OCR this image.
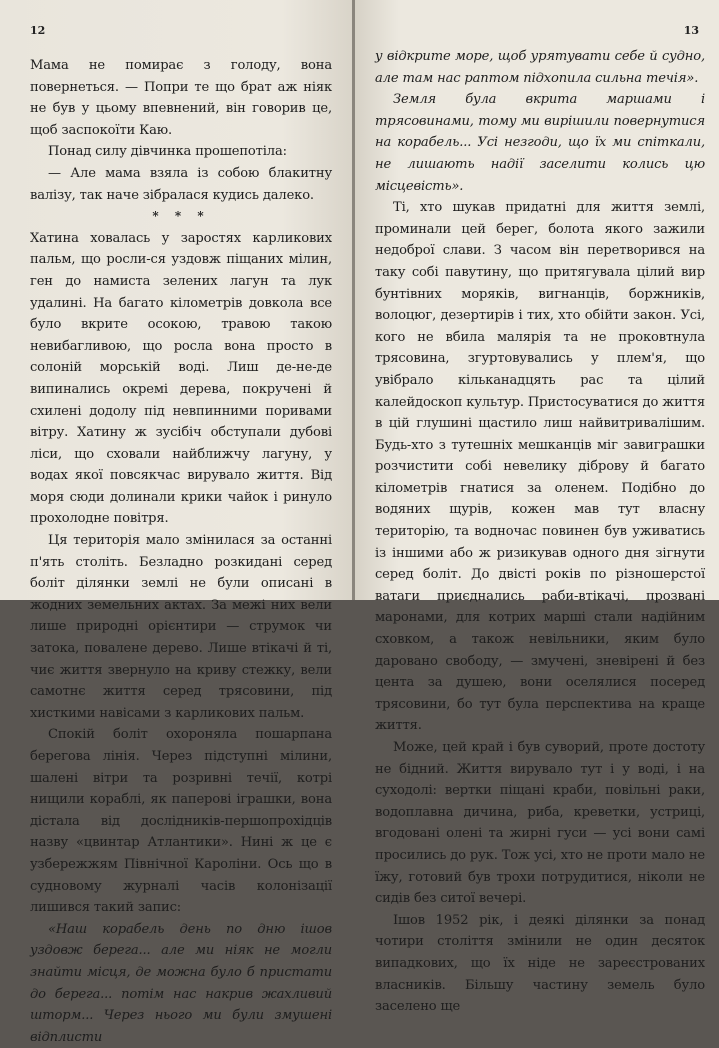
12

Мама не помирає з голоду, вона повернеться. — Попри те що брат аж ніяк не був у цьому впевнений, він говорив це, щоб заспокоїти Каю.

Понад силу дівчинка прошепотіла:

— Але мама взяла із собою блакитну валізу, так наче зібралася кудись далеко.

* * *

Хатина ховалась у заростях карликових пальм, що росли-ся уздовж піщаних мілин, ген до намиста зелених лагун та лук удалині. На багато кілометрів довкола все було вкрите осокою, травою такою невибагливою, що росла вона просто в солоній морській воді. Лиш де-не-де випинались окремі дерева, покручені й схилені додолу під невпинними поривами вітру. Хатину ж зусібіч обступали дубові ліси, що сховали найближчу лагуну, у водах якої повсякчас вирувало життя. Від моря сюди долинали крики чайок і ринуло прохолодне повітря.

Ця територія мало змінилася за останні п'ять століть. Безладно розкидані серед боліт ділянки землі не були описані в жодних земельних актах. За межі них вели лише природні орієнтири — струмок чи затока, повалене дерево. Лише втікачі й ті, чиє життя звернуло на криву стежку, вели самотнє життя серед трясовини, під хисткими навісами з карликових пальм.

Спокій боліт охороняла пошарпана берегова лінія. Через підступні мілини, шалені вітри та розривні течії, котрі нищили кораблі, як паперові іграшки, вона дістала від дослідників-першопрохідців назву «цвинтар Атлантики». Нині ж це є узбережжям Північної Кароліни. Ось що в судновому журналі часів колонізації лишився такий запис:

«Наш корабель день по дню ішов уздовж берега... але ми ніяк не могли знайти місця, де можна було б пристати до берега... потім нас накрив жахливий шторм... Через нього ми були змушені відплисти

13

у відкрите море, щоб урятувати себе й судно, але там нас раптом підхопила сильна течія».

Земля була вкрита маршами і трясовинами, тому ми вирішили повернутися на корабель... Усі незгоди, що їх ми спіткали, не лишають надії заселити колись цю місцевість».

Ті, хто шукав придатні для життя землі, проминали цей берег, болота якого зажили недоброї слави. З часом він перетворився на таку собі павутину, що притягувала цілий вир бунтівних моряків, вигнанців, боржників, волоцюг, дезертирів і тих, хто обійти закон. Усі, кого не вбила малярія та не проковтнула трясовина, згуртовувались у плем'я, що увібрало кільканадцять рас та цілий калейдоскоп культур. Пристосуватися до життя в цій глушині щастило лиш найвитривалішим. Будь-хто з тутешніх мешканців міг завиграшки розчистити собі невелику діброву й багато кілометрів гнатися за оленем. Подібно до водяних щурів, кожен мав тут власну територію, та водночас повинен був уживатись із іншими або ж ризикував одного дня зігнути серед боліт. До двісті років по різношерстої ватаги приєднались раби-втікачі, прозвані маронами, для котрих марші стали надійним сховком, а також невільники, яким було даровано свободу, — змучені, зневірені й без цента за душею, вони оселялися посеред трясовини, бо тут була перспектива на краще життя.

Може, цей край і був суворий, проте достоту не бідний. Життя вирувало тут і у воді, і на суходолі: вертки піщані краби, повільні раки, водоплавна дичина, риба, креветки, устриці, вгодовані олені та жирні гуси — усі вони самі просились до рук. Тож усі, хто не проти мало не їжу, готовий був трохи потрудитися, ніколи не сидів без ситої вечері.

Ішов 1952 рік, і деякі ділянки за понад чотири століття змінили не один десяток випадкових, що їх ніде не зареєстрованих власників. Більшу частину земель було заселено ще
